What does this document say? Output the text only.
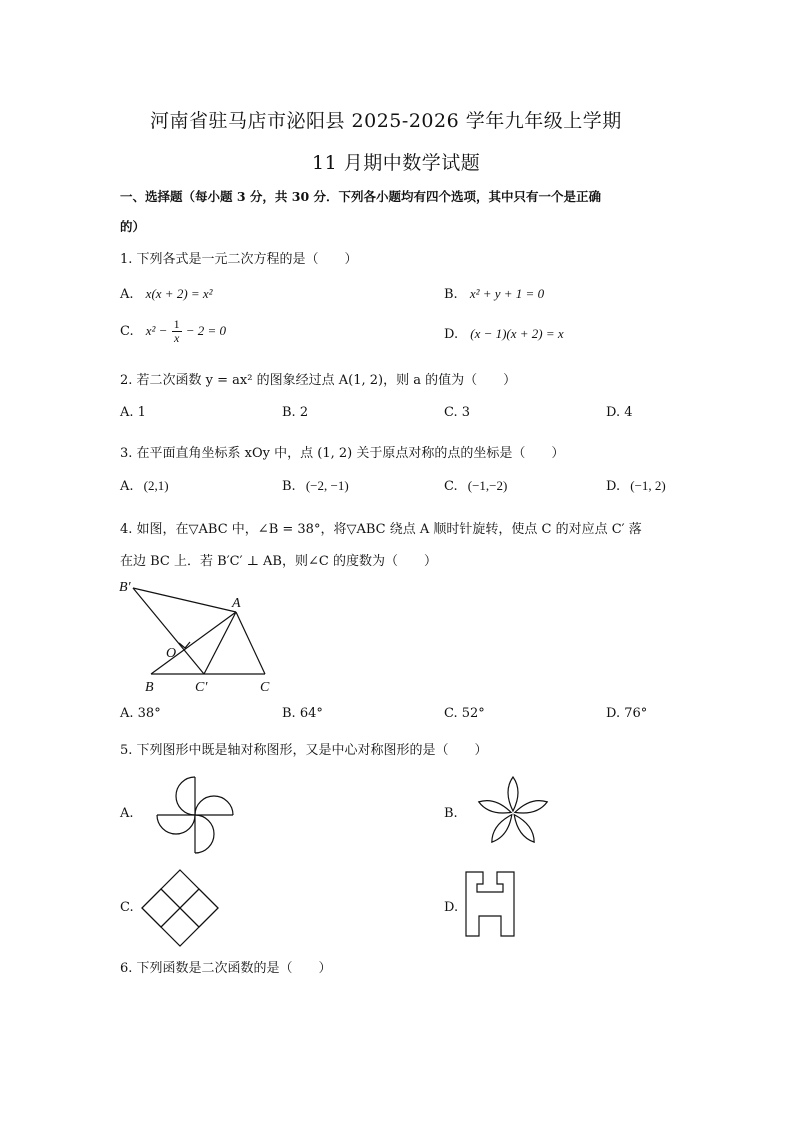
河南省驻马店市泌阳县 2025-2026 学年九年级上学期
11 月期中数学试题
一、选择题（每小题 3 分，共 30 分．下列各小题均有四个选项，其中只有一个是正确
的）
1. 下列各式是一元二次方程的是（　　）
A. x(x + 2) = x²	B. x² + y + 1 = 0
C. $x^2 - \frac{1}{x} - 2 = 0$	D. (x − 1)(x + 2) = x
2. 若二次函数 y = ax² 的图象经过点 A(1, 2)，则 a 的值为（　　）
A. 1	B. 2	C. 3	D. 4
3. 在平面直角坐标系 xOy 中，点 (1, 2) 关于原点对称的点的坐标是（　　）
A. (2,1)	B. (−2, −1)	C. (−1,−2)	D. (−1, 2)
4. 如图，在▽ABC 中，∠B = 38°，将▽ABC 绕点 A 顺时针旋转，使点 C 的对应点 C′ 落
在边 BC 上．若 B′C′ ⊥ AB，则∠C 的度数为（　　）
B′
A
O
B	C′	C
A. 38°	B. 64°	C. 52°	D. 76°
5. 下列图形中既是轴对称图形，又是中心对称图形的是（　　）
A.	B.
C.	D.
6. 下列函数是二次函数的是（　　）
